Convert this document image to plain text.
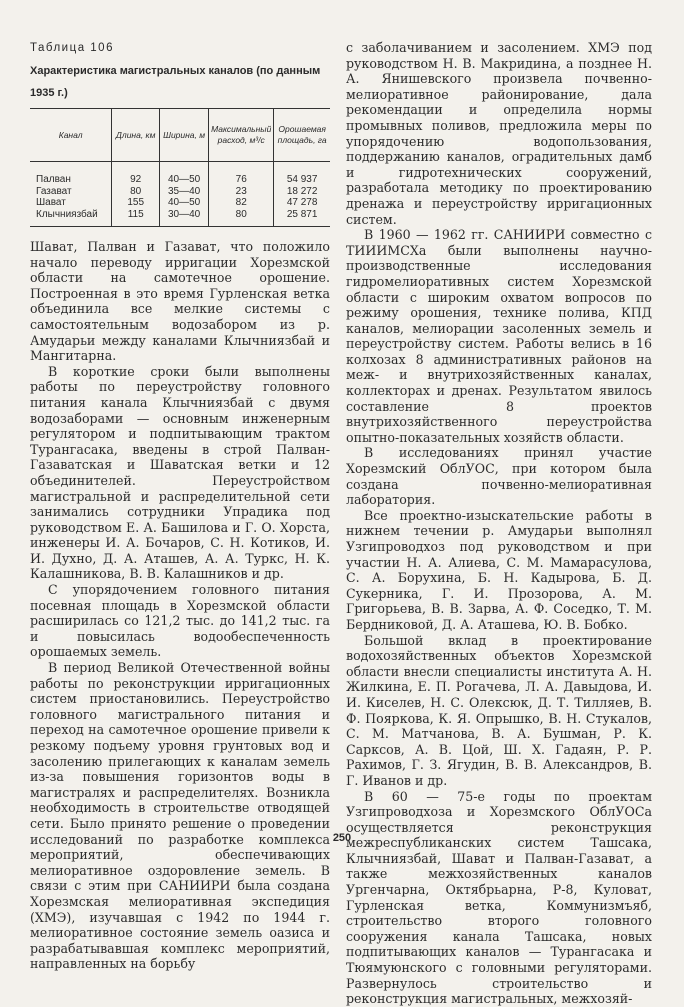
Таблица 106
Характеристика магистральных каналов (по данным 1935 г.)
Канал	Длина, км	Ширина, м	Максимальный расход, м³/с	Орошаемая площадь, га
Палван	92	40—50	76	54 937
Газават	80	35—40	23	18 272
Шават	155	40—50	82	47 278
Клычниязбай	115	30—40	80	25 871

Шават, Палван и Газават, что положило начало переводу ирригации Хорезмской области на самотечное орошение. Построенная в это время Гурленская ветка объединила все мелкие системы с самостоятельным водозабором из р. Амударьи между каналами Клычниязбай и Мангитарна.

В короткие сроки были выполнены работы по переустройству головного питания канала Клычниязбай с двумя водозаборами — основным инженерным регулятором и подпитывающим трактом Турангасака, введены в строй Палван-Газаватская и Шаватская ветки и 12 объединителей. Переустройством магистральной и распределительной сети занимались сотрудники Упрадика под руководством Е. А. Башилова и Г. О. Хорста, инженеры И. А. Бочаров, С. Н. Котиков, И. И. Духно, Д. А. Аташев, А. А. Туркс, Н. К. Калашникова, В. В. Калашников и др.

С упорядочением головного питания посевная площадь в Хорезмской области расширилась со 121,2 тыс. до 141,2 тыс. га и повысилась водообеспеченность орошаемых земель.

В период Великой Отечественной войны работы по реконструкции ирригационных систем приостановились. Переустройство головного магистрального питания и переход на самотечное орошение привели к резкому подъему уровня грунтовых вод и засолению прилегающих к каналам земель из-за повышения горизонтов воды в магистралях и распределителях. Возникла необходимость в строительстве отводящей сети. Было принято решение о проведении исследований по разработке комплекса мероприятий, обеспечивающих мелиоративное оздоровление земель. В связи с этим при САНИИРИ была создана Хорезмская мелиоративная экспедиция (ХМЭ), изучавшая с 1942 по 1944 г. мелиоративное состояние земель оазиса и разрабатывавшая комплекс мероприятий, направленных на борьбу

с заболачиванием и засолением. ХМЭ под руководством Н. В. Макридина, а позднее Н. А. Янишевского произвела почвенно-мелиоративное районирование, дала рекомендации и определила нормы промывных поливов, предложила меры по упорядочению водопользования, поддержанию каналов, оградительных дамб и гидротехнических сооружений, разработала методику по проектированию дренажа и переустройству ирригационных систем.

В 1960 — 1962 гг. САНИИРИ совместно с ТИИИМСХа были выполнены научно-производственные исследования гидромелиоративных систем Хорезмской области с широким охватом вопросов по режиму орошения, технике полива, КПД каналов, мелиорации засоленных земель и переустройству систем. Работы велись в 16 колхозах 8 административных районов на меж- и внутрихозяйственных каналах, коллекторах и дренах. Результатом явилось составление 8 проектов внутрихозяйственного переустройства опытно-показательных хозяйств области.

В исследованиях принял участие Хорезмский ОблУОС, при котором была создана почвенно-мелиоративная лаборатория.

Все проектно-изыскательские работы в нижнем течении р. Амударьи выполнял Узгипроводхоз под руководством и при участии Н. А. Алиева, С. М. Мамарасулова, С. А. Борухина, Б. Н. Кадырова, Б. Д. Сукерника, Г. И. Прозорова, А. М. Григорьева, В. В. Зарва, А. Ф. Соседко, Т. М. Бердниковой, Д. А. Аташева, Ю. В. Бобко.

Большой вклад в проектирование водохозяйственных объектов Хорезмской области внесли специалисты института А. Н. Жилкина, Е. П. Рогачева, Л. А. Давыдова, И. И. Киселев, Н. С. Олексюк, Д. Т. Тилляев, В. Ф. Пояркова, К. Я. Опрышко, В. Н. Стукалов, С. М. Матчанова, В. А. Бушман, Р. К. Сарксов, А. В. Цой, Ш. Х. Гадаян, Р. Р. Рахимов, Г. З. Ягудин, В. В. Александров, В. Г. Иванов и др.

В 60 — 75-е годы по проектам Узгипроводхоза и Хорезмского ОблУОСа осуществляется реконструкция межреспубликанских систем Ташсака, Клычниязбай, Шават и Палван-Газават, а также межхозяйственных каналов Ургенчарна, Октябрьарна, Р-8, Куловат, Гурленская ветка, Коммунизмъяб, строительство второго головного сооружения канала Ташсака, новых подпитывающих каналов — Турангасака и Тюямуюнского с головными регуляторами. Развернулось строительство и реконструкция магистральных, межхозяй-

250
